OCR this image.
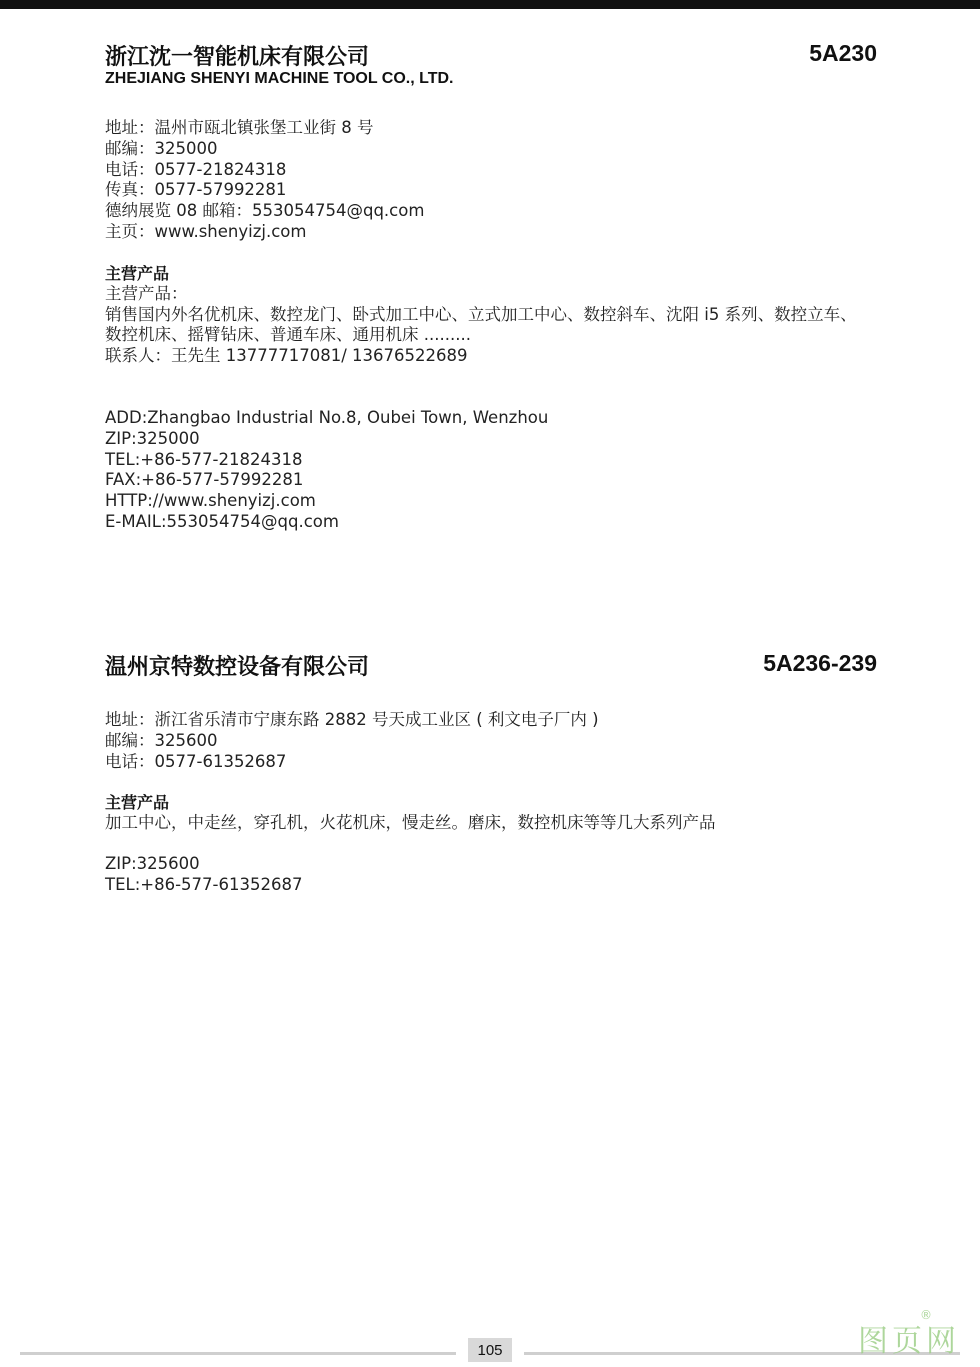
浙江沈一智能机床有限公司	5A230
ZHEJIANG SHENYI MACHINE TOOL CO., LTD.
地址：温州市瓯北镇张堡工业街 8 号
邮编：325000
电话：0577-21824318
传真：0577-57992281
德纳展览 08 邮箱：553054754@qq.com
主页：www.shenyizj.com
主营产品
主营产品：
销售国内外名优机床、数控龙门、卧式加工中心、立式加工中心、数控斜车、沈阳 i5 系列、数控立车、
数控机床、摇臂钻床、普通车床、通用机床 .........
联系人：王先生 13777717081/ 13676522689
ADD:Zhangbao Industrial No.8, Oubei Town, Wenzhou
ZIP:325000
TEL:+86-577-21824318
FAX:+86-577-57992281
HTTP://www.shenyizj.com
E-MAIL:553054754@qq.com
温州京特数控设备有限公司	5A236-239
地址：浙江省乐清市宁康东路 2882 号天成工业区 ( 利文电子厂内 )
邮编：325600
电话：0577-61352687
主营产品
加工中心，中走丝，穿孔机，火花机床，慢走丝。磨床，数控机床等等几大系列产品
ZIP:325600
TEL:+86-577-61352687
105	图页网
®
